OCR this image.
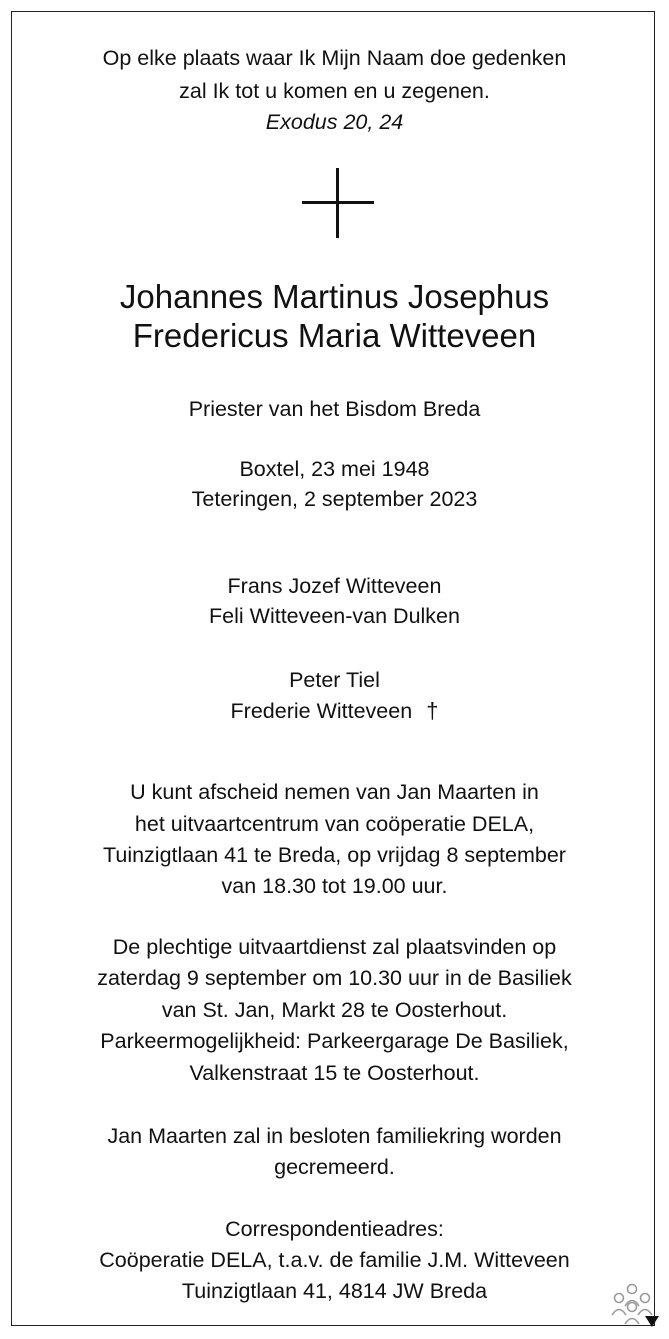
Op elke plaats waar Ik Mijn Naam doe gedenken
zal Ik tot u komen en u zegenen.
Exodus 20, 24
Johannes Martinus Josephus
Fredericus Maria Witteveen
Priester van het Bisdom Breda
Boxtel, 23 mei 1948
Teteringen, 2 september 2023
Frans Jozef Witteveen
Feli Witteveen-van Dulken
Peter Tiel
Frederie Witteveen †
U kunt afscheid nemen van Jan Maarten in
het uitvaartcentrum van coöperatie DELA,
Tuinzigtlaan 41 te Breda, op vrijdag 8 september
van 18.30 tot 19.00 uur.
De plechtige uitvaartdienst zal plaatsvinden op
zaterdag 9 september om 10.30 uur in de Basiliek
van St. Jan, Markt 28 te Oosterhout.
Parkeermogelijkheid: Parkeergarage De Basiliek,
Valkenstraat 15 te Oosterhout.
Jan Maarten zal in besloten familiekring worden
gecremeerd.
Correspondentieadres:
Coöperatie DELA, t.a.v. de familie J.M. Witteveen
Tuinzigtlaan 41, 4814 JW Breda
